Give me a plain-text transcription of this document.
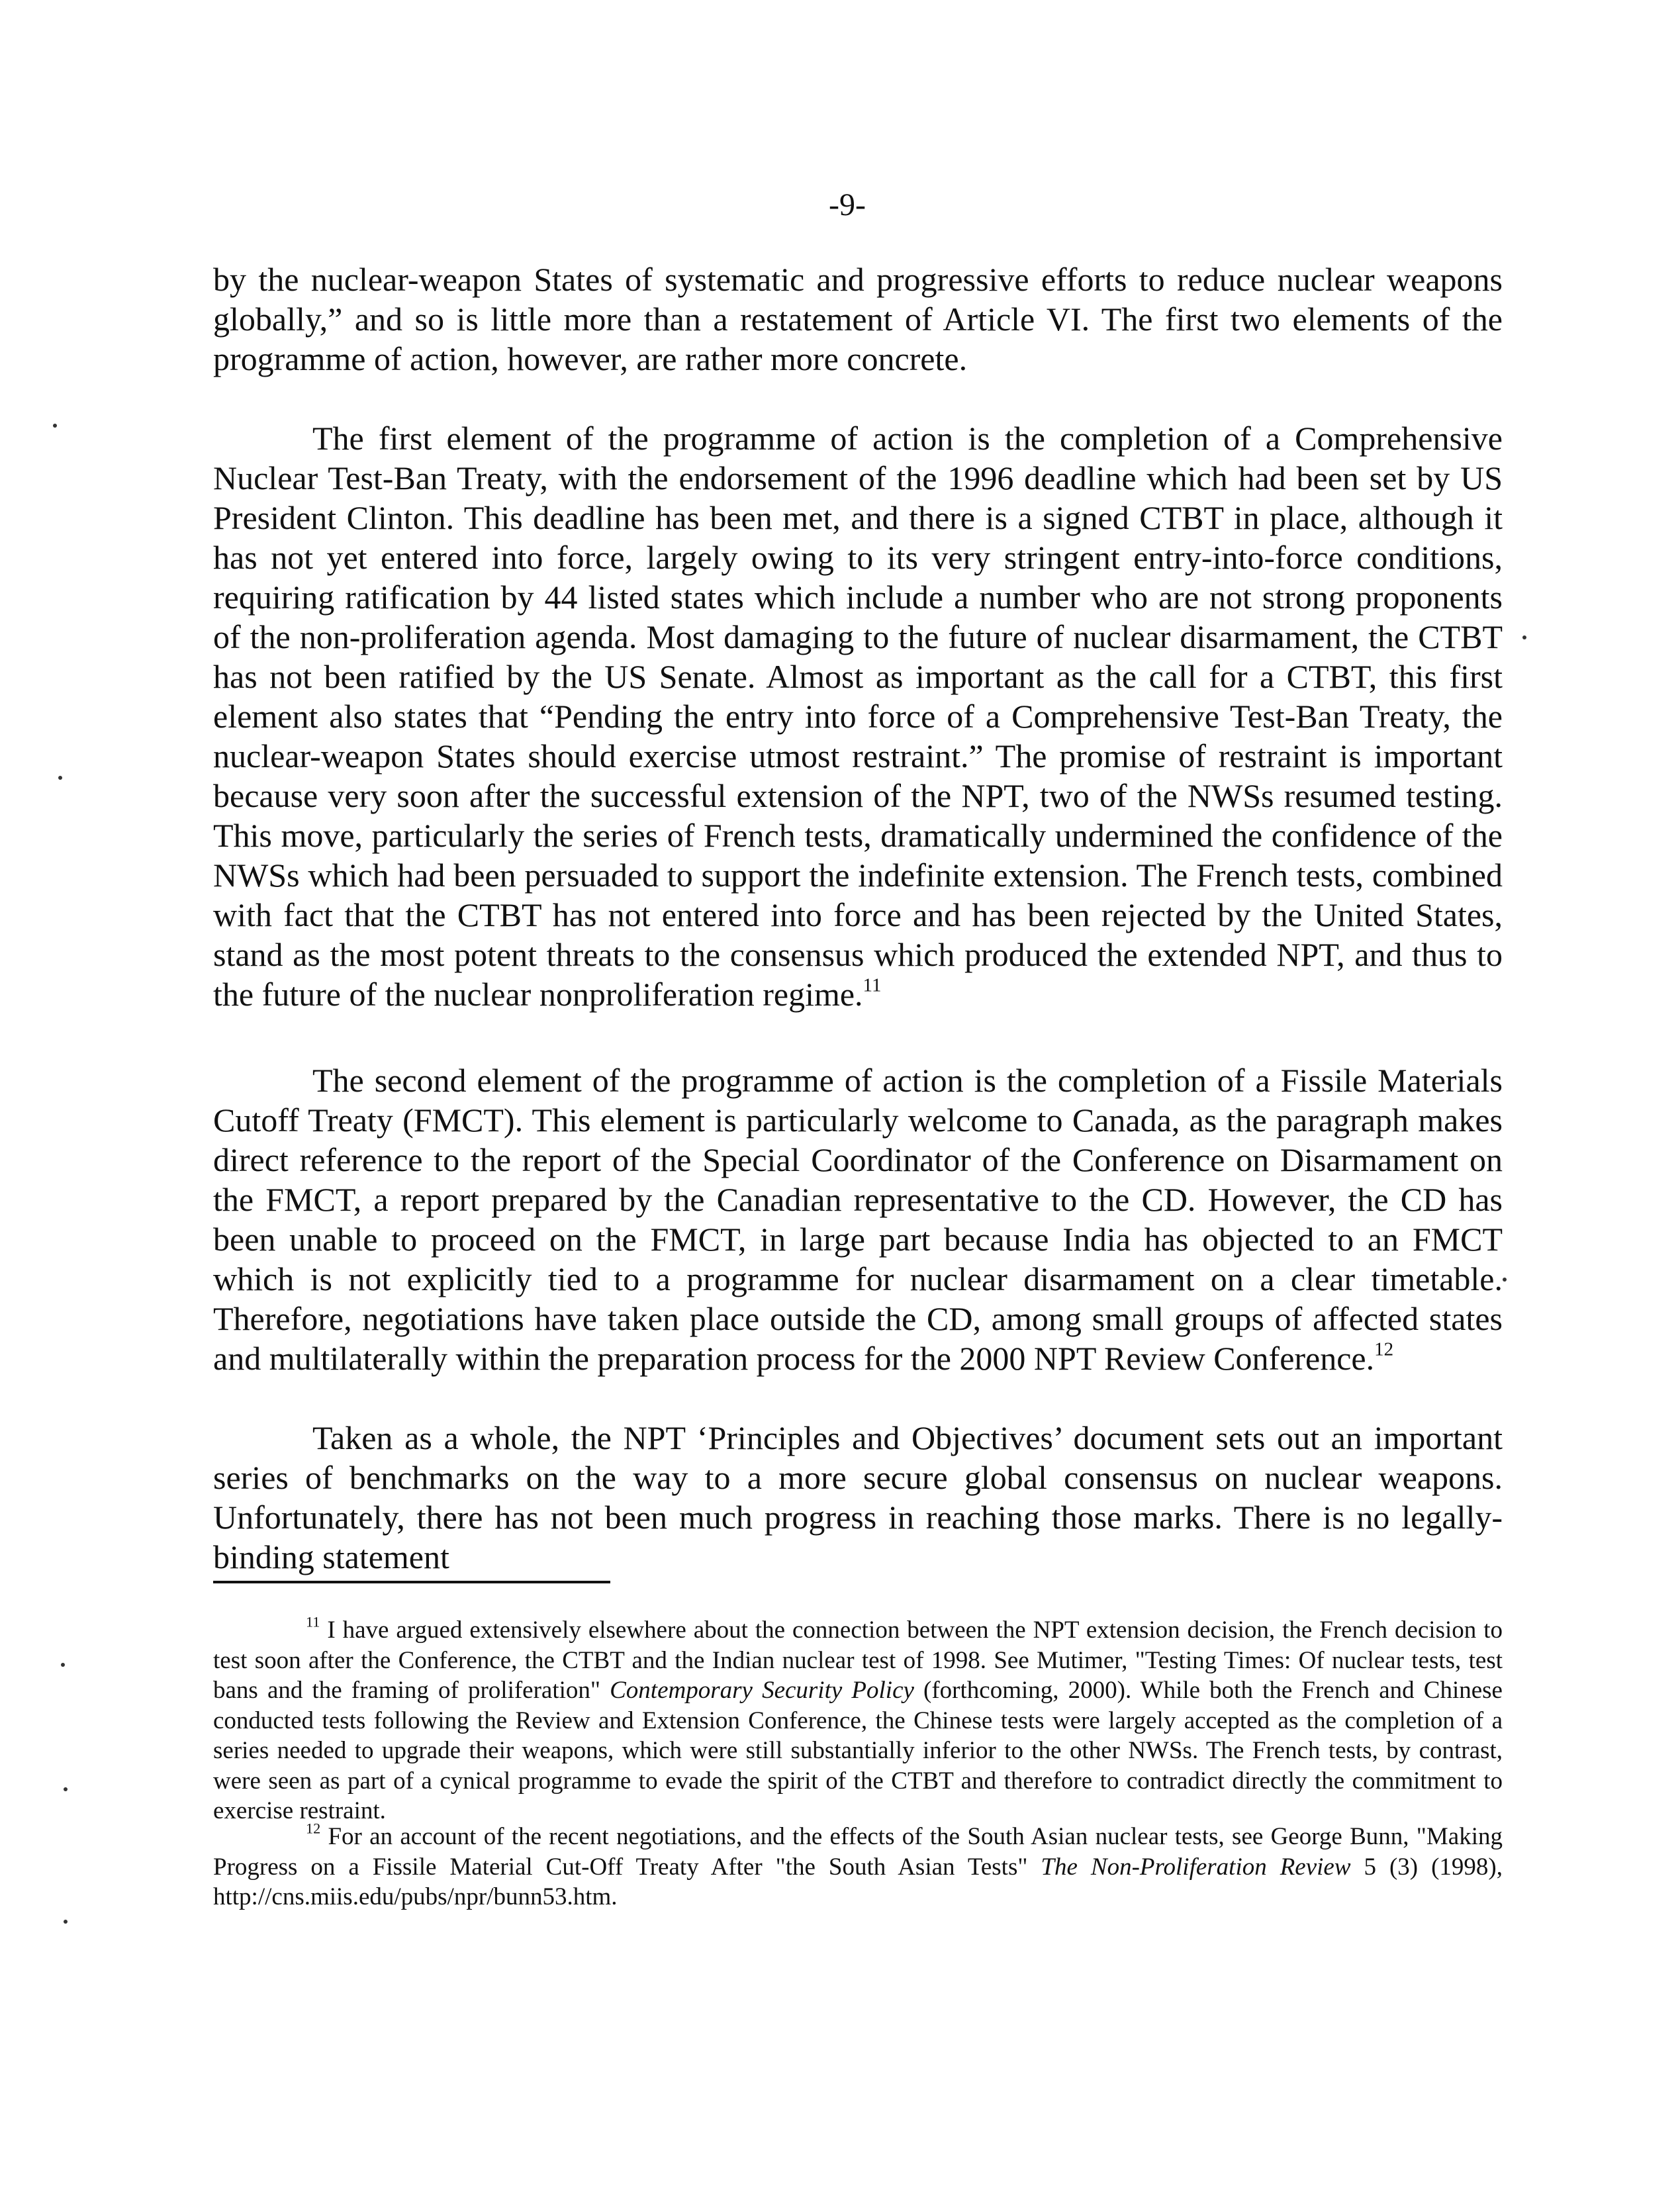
-9-

by the nuclear-weapon States of systematic and progressive efforts to reduce nuclear weapons globally,” and so is little more than a restatement of Article VI. The first two elements of the programme of action, however, are rather more concrete.

The first element of the programme of action is the completion of a Comprehensive Nuclear Test-Ban Treaty, with the endorsement of the 1996 deadline which had been set by US President Clinton. This deadline has been met, and there is a signed CTBT in place, although it has not yet entered into force, largely owing to its very stringent entry-into-force conditions, requiring ratification by 44 listed states which include a number who are not strong proponents of the non-proliferation agenda. Most damaging to the future of nuclear disarmament, the CTBT has not been ratified by the US Senate. Almost as important as the call for a CTBT, this first element also states that “Pending the entry into force of a Comprehensive Test-Ban Treaty, the nuclear-weapon States should exercise utmost restraint.” The promise of restraint is important because very soon after the successful extension of the NPT, two of the NWSs resumed testing. This move, particularly the series of French tests, dramatically undermined the confidence of the NWSs which had been persuaded to support the indefinite extension. The French tests, combined with fact that the CTBT has not entered into force and has been rejected by the United States, stand as the most potent threats to the consensus which produced the extended NPT, and thus to the future of the nuclear nonproliferation regime.$^{11}$

The second element of the programme of action is the completion of a Fissile Materials Cutoff Treaty (FMCT). This element is particularly welcome to Canada, as the paragraph makes direct reference to the report of the Special Coordinator of the Conference on Disarmament on the FMCT, a report prepared by the Canadian representative to the CD. However, the CD has been unable to proceed on the FMCT, in large part because India has objected to an FMCT which is not explicitly tied to a programme for nuclear disarmament on a clear timetable. Therefore, negotiations have taken place outside the CD, among small groups of affected states and multilaterally within the preparation process for the 2000 NPT Review Conference.$^{12}$

Taken as a whole, the NPT ‘Principles and Objectives’ document sets out an important series of benchmarks on the way to a more secure global consensus on nuclear weapons. Unfortunately, there has not been much progress in reaching those marks. There is no legally-binding statement

$^{11}$ I have argued extensively elsewhere about the connection between the NPT extension decision, the French decision to test soon after the Conference, the CTBT and the Indian nuclear test of 1998. See Mutimer, "Testing Times: Of nuclear tests, test bans and the framing of proliferation" Contemporary Security Policy (forthcoming, 2000). While both the French and Chinese conducted tests following the Review and Extension Conference, the Chinese tests were largely accepted as the completion of a series needed to upgrade their weapons, which were still substantially inferior to the other NWSs. The French tests, by contrast, were seen as part of a cynical programme to evade the spirit of the CTBT and therefore to contradict directly the commitment to exercise restraint.

$^{12}$ For an account of the recent negotiations, and the effects of the South Asian nuclear tests, see George Bunn, "Making Progress on a Fissile Material Cut-Off Treaty After "the South Asian Tests" The Non-Proliferation Review 5 (3) (1998), http://cns.miis.edu/pubs/npr/bunn53.htm.
